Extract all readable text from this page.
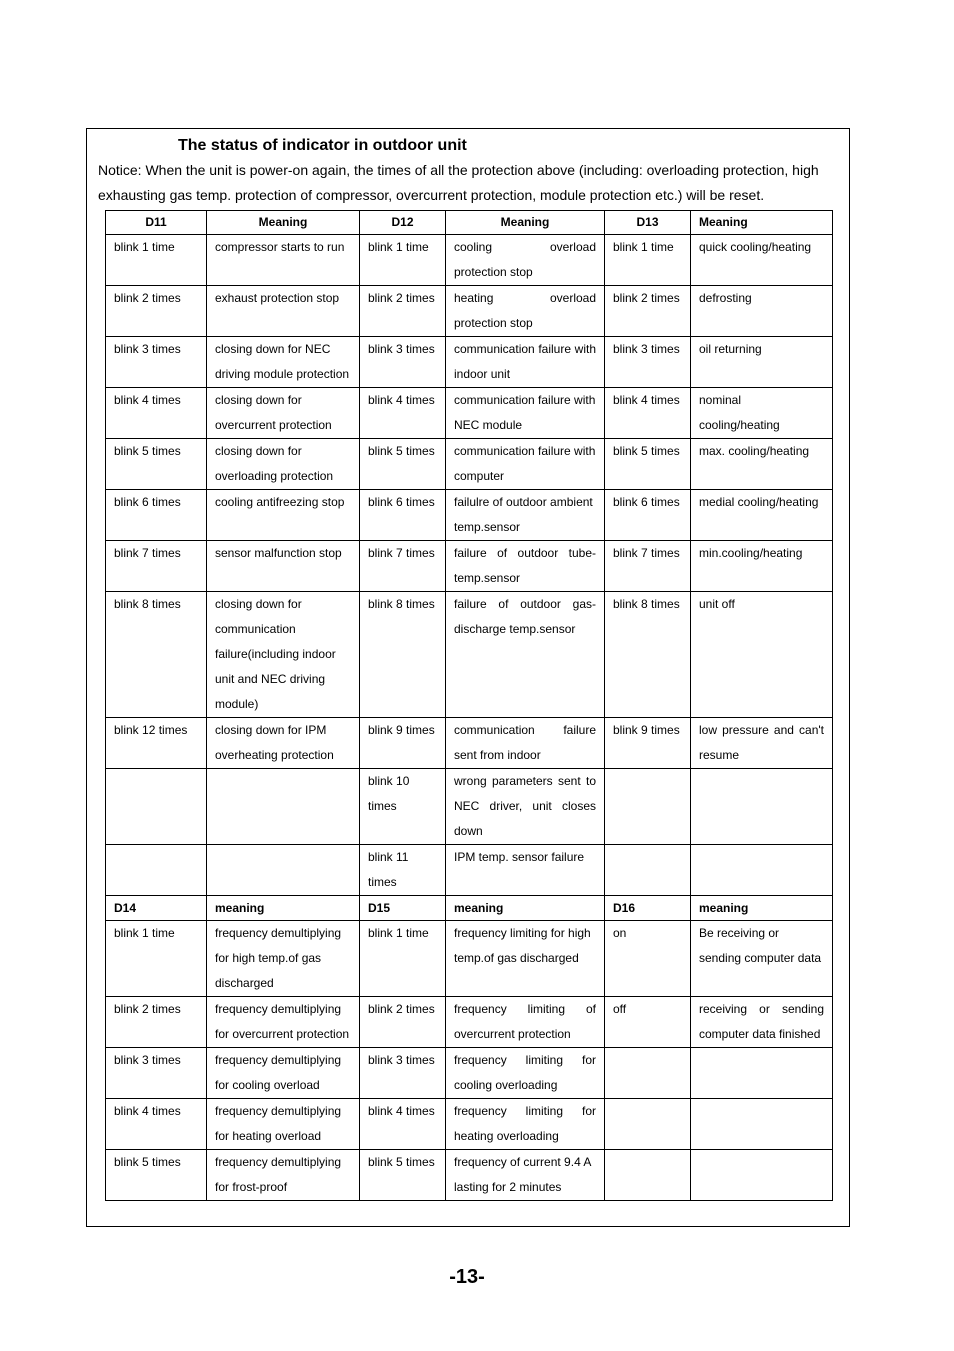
The status of indicator in outdoor unit

Notice: When the unit is power-on again, the times of all the protection above (including: overloading protection, high exhausting gas temp. protection of compressor, overcurrent protection, module protection etc.) will be reset.

D11	Meaning	D12	Meaning	D13	Meaning
blink 1 time	compressor starts to run	blink 1 time	cooling overload protection stop	blink 1 time	quick cooling/heating
blink 2 times	exhaust protection stop	blink 2 times	heating overload protection stop	blink 2 times	defrosting
blink 3 times	closing down for NEC driving module protection	blink 3 times	communication failure with indoor unit	blink 3 times	oil returning
blink 4 times	closing down for overcurrent protection	blink 4 times	communication failure with NEC module	blink 4 times	nominal cooling/heating
blink 5 times	closing down for overloading protection	blink 5 times	communication failure with computer	blink 5 times	max. cooling/heating
blink 6 times	cooling antifreezing stop	blink 6 times	failulre of outdoor ambient temp.sensor	blink 6 times	medial cooling/heating
blink 7 times	sensor malfunction stop	blink 7 times	failure of outdoor tube-temp.sensor	blink 7 times	min.cooling/heating
blink 8 times	closing down for communication failure(including indoor unit and NEC driving module)	blink 8 times	failure of outdoor gas-discharge temp.sensor	blink 8 times	unit off
blink 12 times	closing down for IPM overheating protection	blink 9 times	communication failure sent from indoor	blink 9 times	low pressure and can't resume
		blink 10 times	wrong parameters sent to NEC driver, unit closes down		
		blink 11 times	IPM temp. sensor failure		
D14	meaning	D15	meaning	D16	meaning
blink 1 time	frequency demultiplying for high temp.of gas discharged	blink 1 time	frequency limiting for high temp.of gas discharged	on	Be receiving or sending computer data
blink 2 times	frequency demultiplying for overcurrent protection	blink 2 times	frequency limiting of overcurrent protection	off	receiving or sending computer data finished
blink 3 times	frequency demultiplying for cooling overload	blink 3 times	frequency limiting for cooling overloading		
blink 4 times	frequency demultiplying for heating overload	blink 4 times	frequency limiting for heating overloading		
blink 5 times	frequency demultiplying for frost-proof	blink 5 times	frequency of current 9.4 A lasting for 2 minutes		
-13-
